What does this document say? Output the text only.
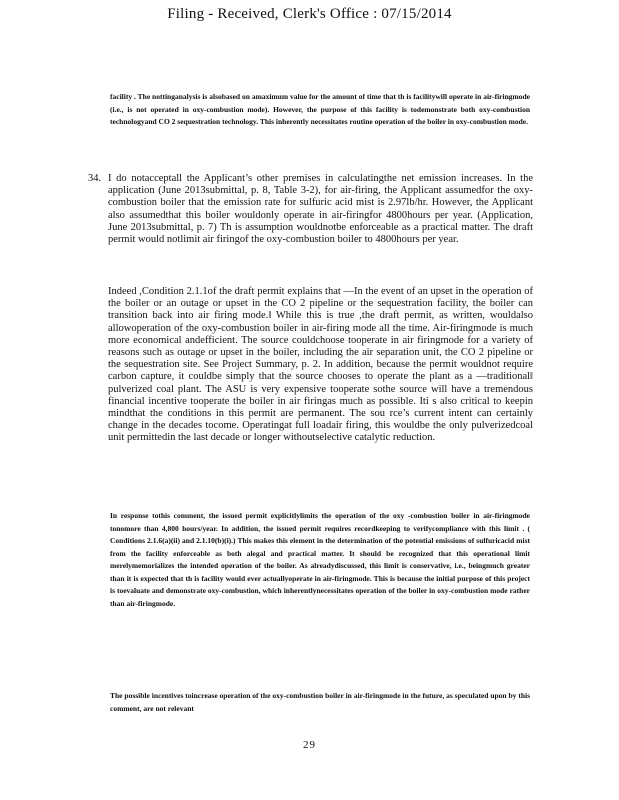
Filing - Received, Clerk's Office : 07/15/2014

facility . The nottinganalysis is alsobased on amaximum value for the amount of time that th is facilitywill operate in air-firingmode (i.e., is not operated in oxy-combustion mode). However, the purpose of this facility is todemonstrate both oxy-combustion technologyand CO 2 sequestration technology. This inherently necessitates routine operation of the boiler in oxy-combustion mode.

34. I do notacceptall the Applicant’s other premises in calculatingthe net emission increases. In the application (June 2013submittal, p. 8, Table 3-2), for air-firing, the Applicant assumedfor the oxy-combustion boiler that the emission rate for sulfuric acid mist is 2.97lb/hr. However, the Applicant also assumedthat this boiler wouldonly operate in air-firingfor 4800hours per year. (Application, June 2013submittal, p. 7) Th is assumption wouldnotbe enforceable as a practical matter. The draft permit would notlimit air firingof the oxy-combustion boiler to 4800hours per year.

Indeed ,Condition 2.1.1of the draft permit explains that ―In the event of an upset in the operation of the boiler or an outage or upset in the CO 2 pipeline or the sequestration facility, the boiler can transition back into air firing mode.‖ While this is true ,the draft permit, as written, wouldalso allowoperation of the oxy-combustion boiler in air-firing mode all the time. Air-firingmode is much more economical andefficient. The source couldchoose tooperate in air firingmode for a variety of reasons such as outage or upset in the boiler, including the air separation unit, the CO 2 pipeline or the sequestration site. See Project Summary, p. 2. In addition, because the permit wouldnot require carbon capture, it couldbe simply that the source chooses to operate the plant as a ―traditional‖ pulverized coal plant. The ASU is very expensive tooperate sothe source will have a tremendous financial incentive tooperate the boiler in air firingas much as possible. Iti s also critical to keepin mindthat the conditions in this permit are permanent. The sou rce’s current intent can certainly change in the decades tocome. Operatingat full loadair firing, this wouldbe the only pulverizedcoal unit permittedin the last decade or longer withoutselective catalytic reduction.

In response tothis comment, the issued permit explicitlylimits the operation of the oxy -combustion boiler in air-firingmode tonomore than 4,800 hours/year. In addition, the issued permit requires recordkeeping to verifycompliance with this limit . ( Conditions 2.1.6(a)(ii) and 2.1.10(b)(i).) This makes this element in the determination of the potential emissions of sulfuricacid mist from the facility enforceable as both alegal and practical matter. It should be recognized that this operational limit merelymemorializes the intended operation of the boiler. As alreadydiscussed, this limit is conservative, i.e., beingmuch greater than it is expected that th is facility would ever actuallyoperate in air-firingmode. This is because the initial purpose of this project is toevaluate and demonstrate oxy-combustion, which inherentlynecessitates operation of the boiler in oxy-combustion mode rather than air-firingmode.

The possible incentives toincrease operation of the oxy-combustion boiler in air-firingmode in the future, as speculated upon by this comment, are not relevant

29
